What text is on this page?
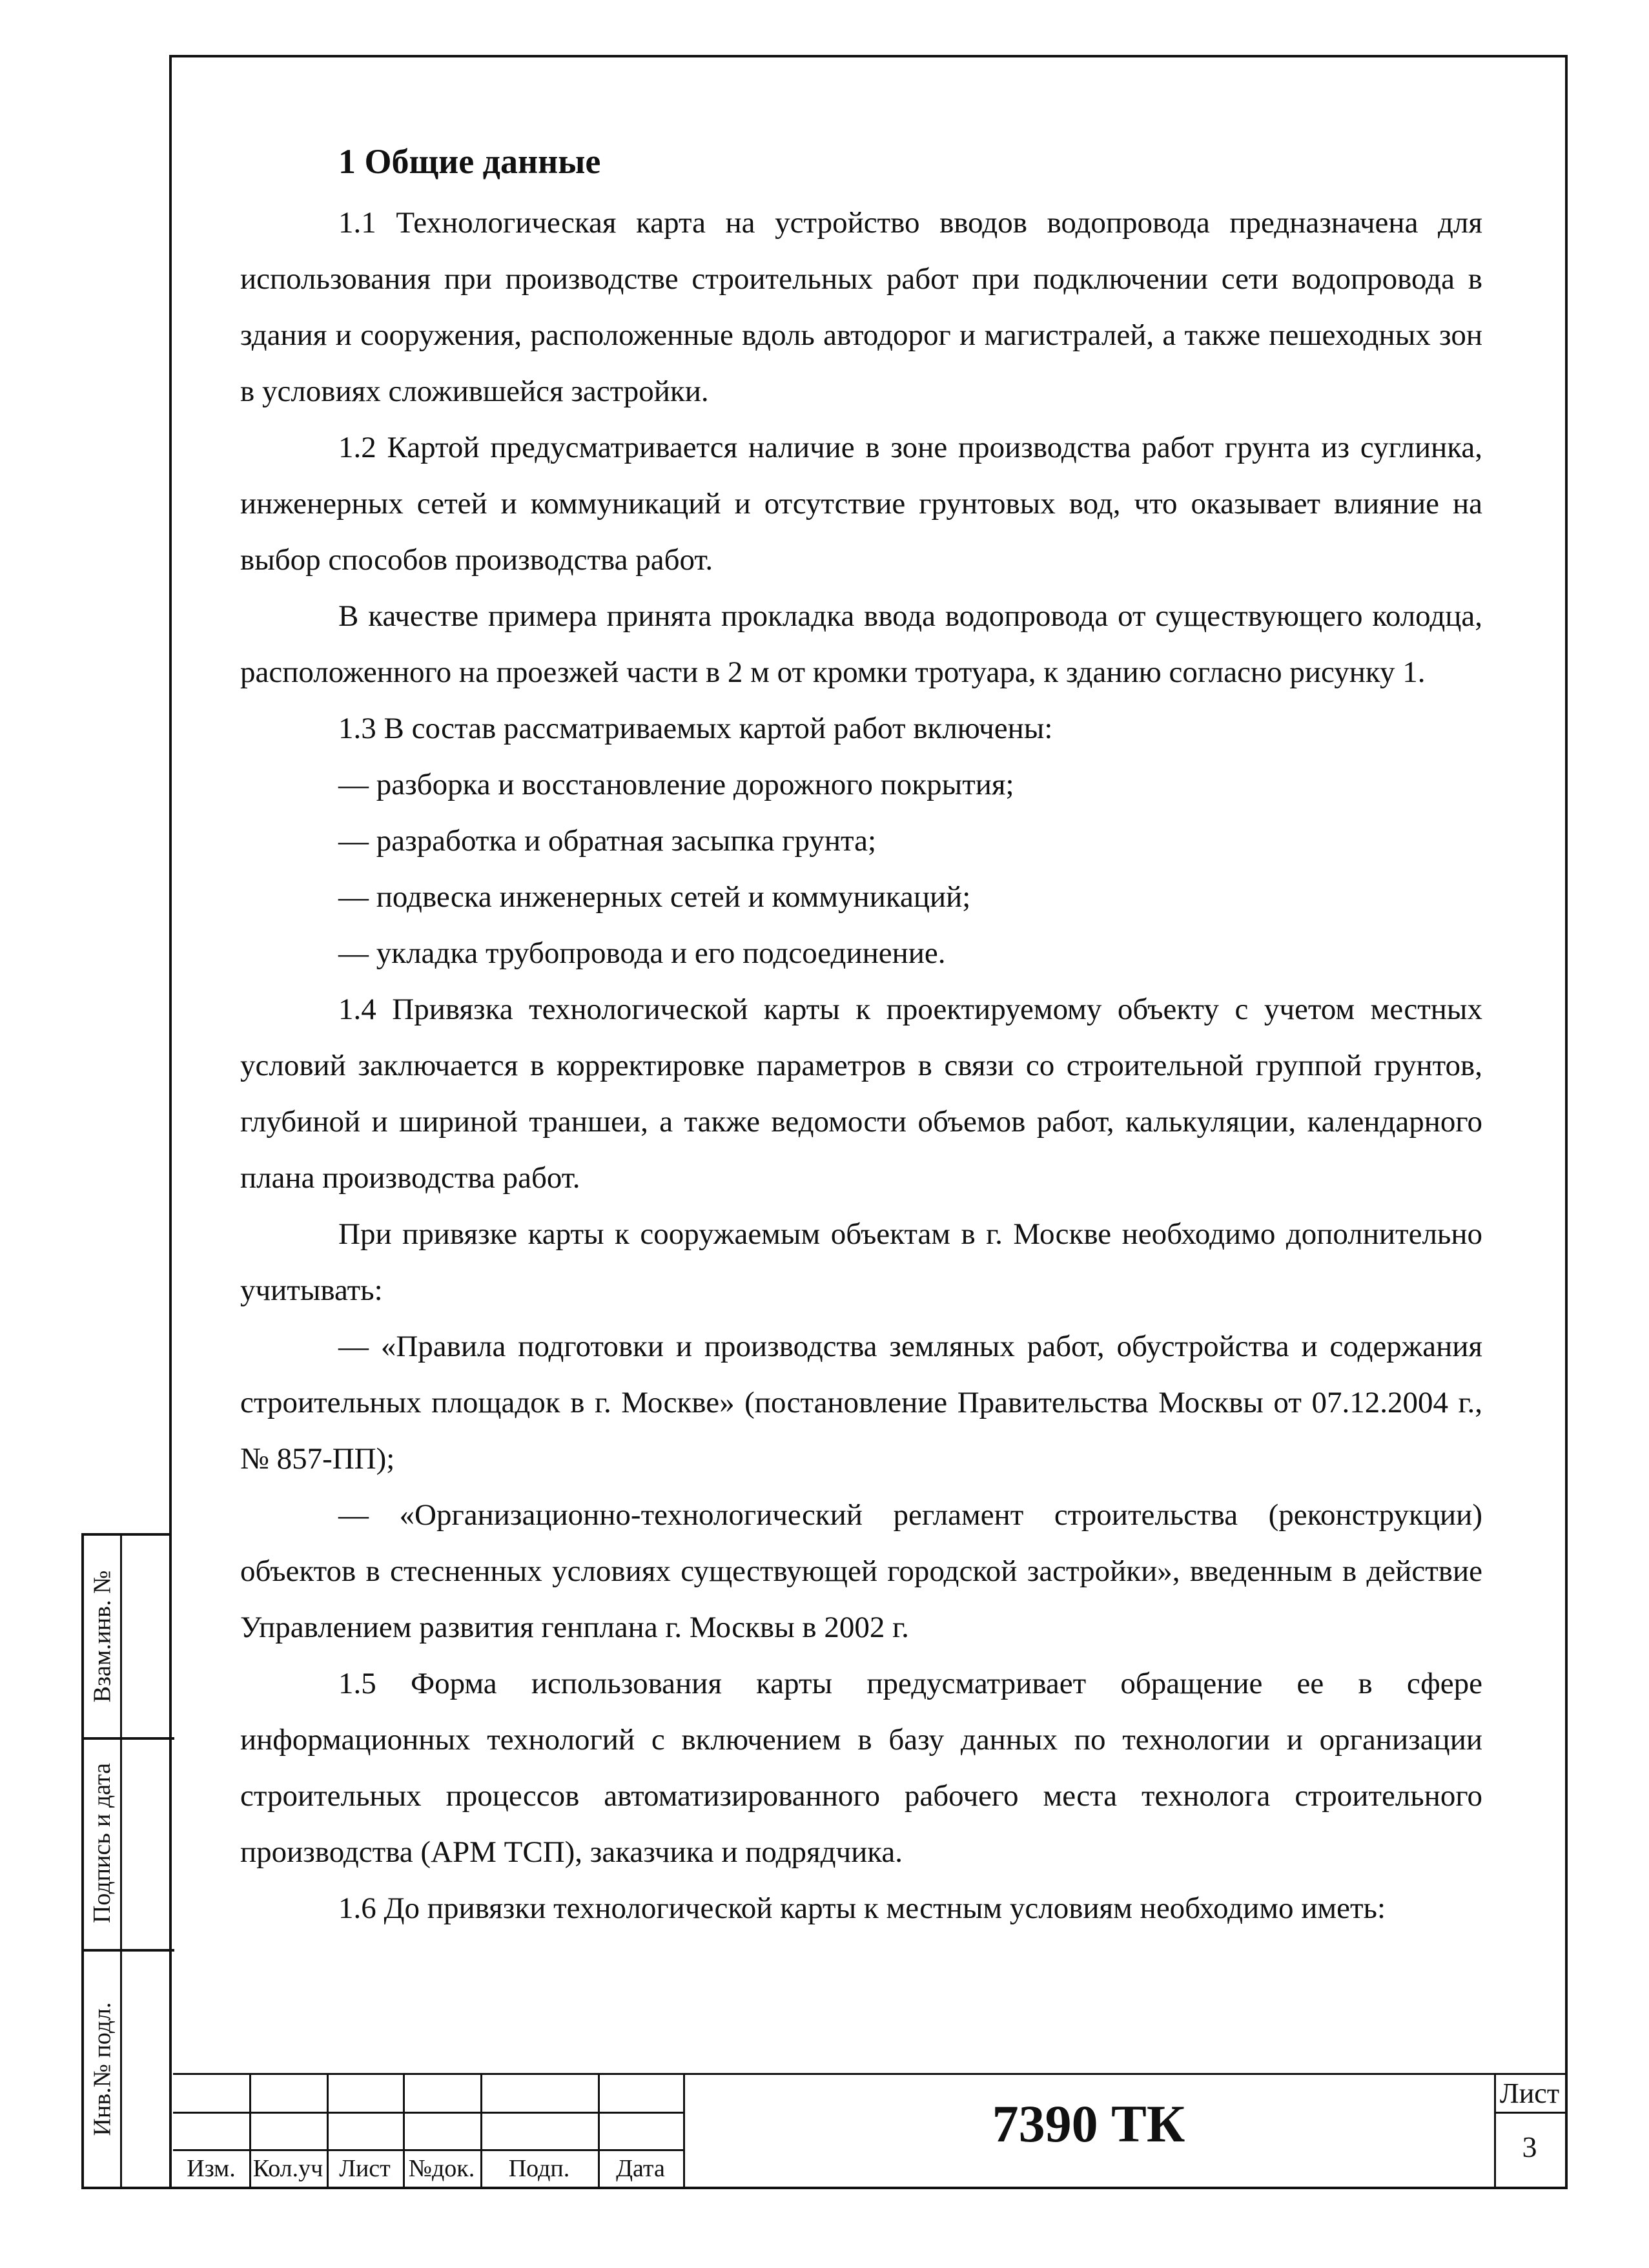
Взам.инв. №
Подпись и дата
Инв.№ подл.
1 Общие данные

1.1 Технологическая карта на устройство вводов водопровода предназначена для использования при производстве строительных работ при подключении сети водопровода в здания и сооружения, расположенные вдоль автодорог и магистралей, а также пешеходных зон в условиях сложившейся застройки.

1.2 Картой предусматривается наличие в зоне производства работ грунта из суглинка, инженерных сетей и коммуникаций и отсутствие грунтовых вод, что оказывает влияние на выбор способов производства работ.

В качестве примера принята прокладка ввода водопровода от существующего колодца, расположенного на проезжей части в 2 м от кромки тротуара, к зданию согласно рисунку 1.

1.3 В состав рассматриваемых картой работ включены:

— разборка и восстановление дорожного покрытия;

— разработка и обратная засыпка грунта;

— подвеска инженерных сетей и коммуникаций;

— укладка трубопровода и его подсоединение.

1.4 Привязка технологической карты к проектируемому объекту с учетом местных условий заключается в корректировке параметров в связи со строительной группой грунтов, глубиной и шириной траншеи, а также ведомости объемов работ, калькуляции, календарного плана производства работ.

При привязке карты к сооружаемым объектам в г. Москве необходимо дополнительно учитывать:

— «Правила подготовки и производства земляных работ, обустройства и содержания строительных площадок в г. Москве» (постановление Правительства Москвы от 07.12.2004 г., № 857-ПП);

— «Организационно-технологический регламент строительства (реконструкции) объектов в стесненных условиях существующей городской застройки», введенным в действие Управлением развития генплана г. Москвы в 2002 г.

1.5 Форма использования карты предусматривает обращение ее в сфере информационных технологий с включением в базу данных по технологии и организации строительных процессов автоматизированного рабочего места технолога строительного производства (АРМ ТСП), заказчика и подрядчика.

1.6 До привязки технологической карты к местным условиям необходимо иметь:

Изм. Кол.уч Лист №док.	Подп.	Дата
7390 ТК
Лист
3
